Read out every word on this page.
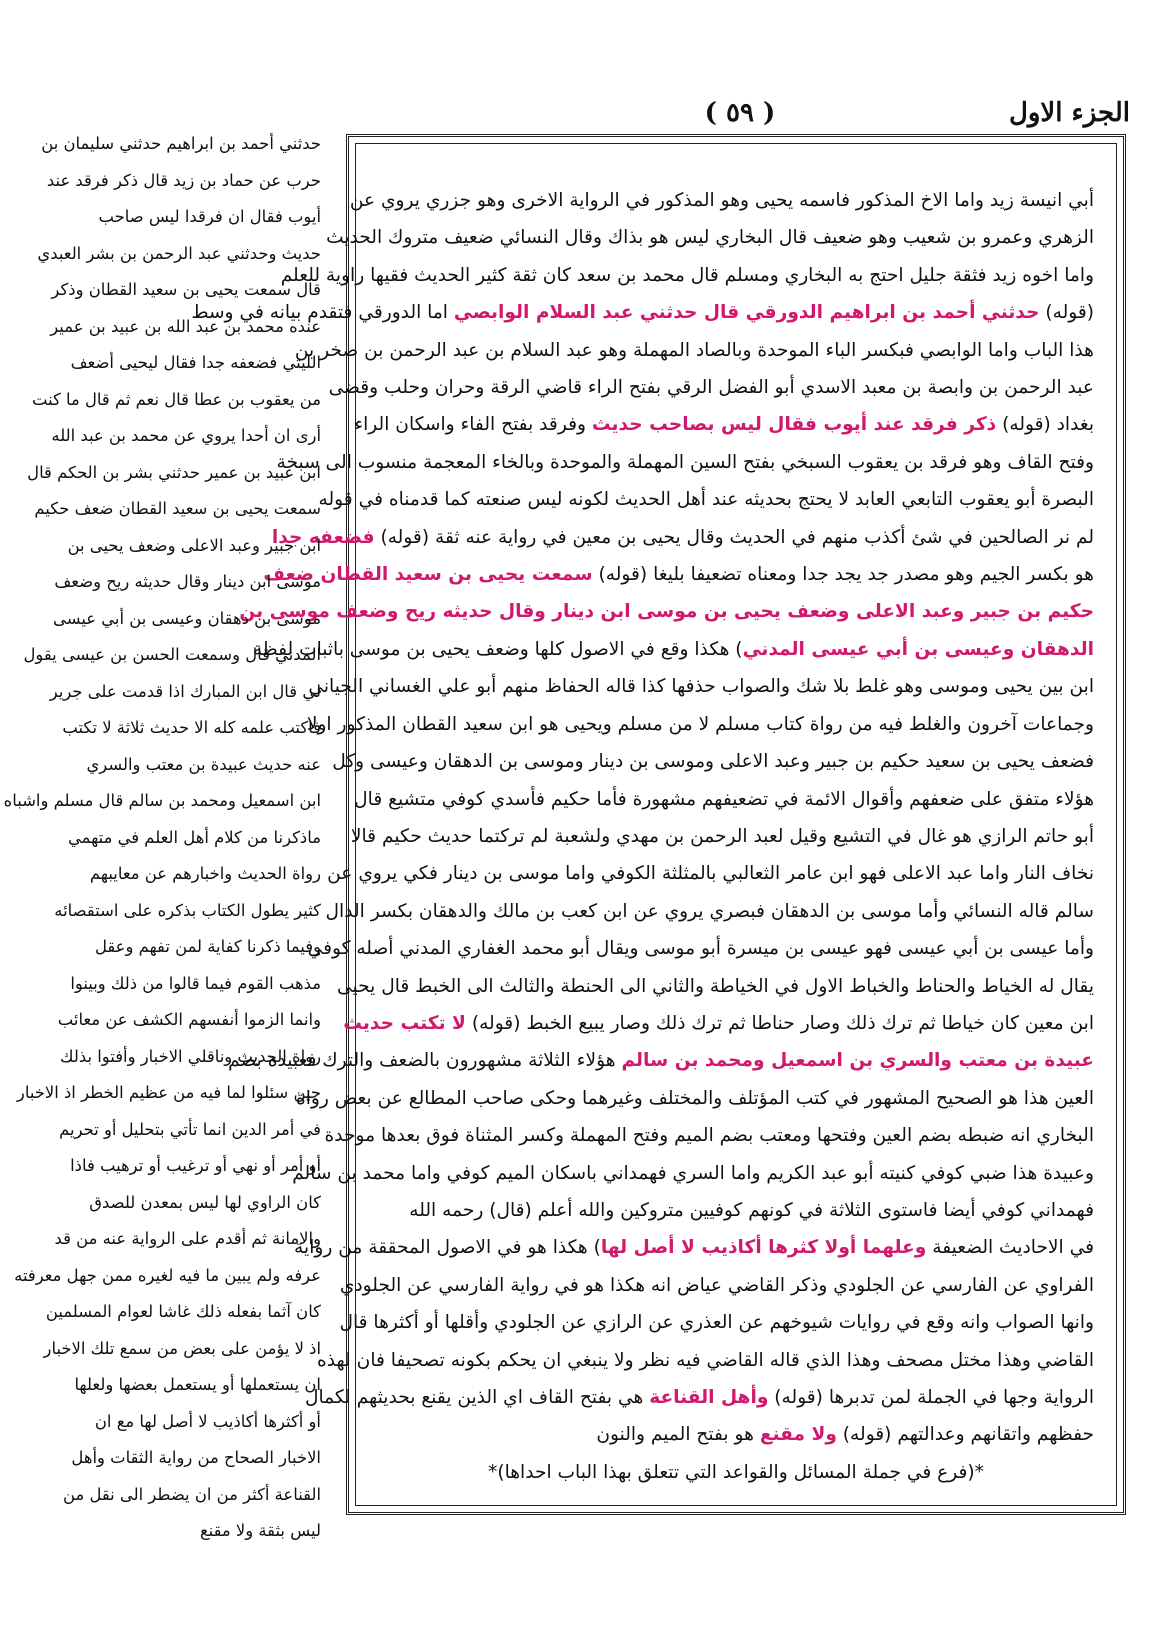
( ٥٩ )	الجزء الاول
أبي انيسة زيد واما الاخ المذكور فاسمه يحيى وهو المذكور في الرواية الاخرى وهو جزري يروي عن
الزهري وعمرو بن شعيب وهو ضعيف قال البخاري ليس هو بذاك وقال النسائي ضعيف متروك الحديث
واما اخوه زيد فثقة جليل احتج به البخاري ومسلم قال محمد بن سعد كان ثقة كثير الحديث فقيها راوية للعلم
(قوله) حدثني أحمد بن ابراهيم الدورقي قال حدثني عبد السلام الوابصي اما الدورقي فتقدم بيانه في وسط
هذا الباب واما الوابصي فبكسر الباء الموحدة وبالصاد المهملة وهو عبد السلام بن عبد الرحمن بن صخر بن
عبد الرحمن بن وابصة بن معبد الاسدي أبو الفضل الرقي بفتح الراء قاضي الرقة وحران وحلب وقضى
بغداد (قوله) ذكر فرقد عند أيوب فقال ليس بصاحب حديث وفرقد بفتح الفاء واسكان الراء
وفتح القاف وهو فرقد بن يعقوب السبخي بفتح السين المهملة والموحدة وبالخاء المعجمة منسوب الى سبخة
البصرة أبو يعقوب التابعي العابد لا يحتج بحديثه عند أهل الحديث لكونه ليس صنعته كما قدمناه في قوله
لم نر الصالحين في شئ أكذب منهم في الحديث وقال يحيى بن معين في رواية عنه ثقة (قوله) فضعفه جدا
هو بكسر الجيم وهو مصدر جد يجد جدا ومعناه تضعيفا بليغا (قوله) سمعت يحيى بن سعيد القطان ضعف
حكيم بن جبير وعبد الاعلى وضعف يحيى بن موسى ابن دينار وقال حديثه ريح وضعف موسى بن
الدهقان وعيسى بن أبي عيسى المدني) هكذا وقع في الاصول كلها وضعف يحيى بن موسى باثبات لفظة
ابن بين يحيى وموسى وهو غلط بلا شك والصواب حذفها كذا قاله الحفاظ منهم أبو علي الغساني الجياني
وجماعات آخرون والغلط فيه من رواة كتاب مسلم لا من مسلم ويحيى هو ابن سعيد القطان المذكور اولا
فضعف يحيى بن سعيد حكيم بن جبير وعبد الاعلى وموسى بن دينار وموسى بن الدهقان وعيسى وكل
هؤلاء متفق على ضعفهم وأقوال الائمة في تضعيفهم مشهورة فأما حكيم فأسدي كوفي متشيع قال
أبو حاتم الرازي هو غال في التشيع وقيل لعبد الرحمن بن مهدي ولشعبة لم تركتما حديث حكيم قالا
نخاف النار واما عبد الاعلى فهو ابن عامر الثعالبي بالمثلثة الكوفي واما موسى بن دينار فكي يروي عن
سالم قاله النسائي وأما موسى بن الدهقان فبصري يروي عن ابن كعب بن مالك والدهقان بكسر الدال
وأما عيسى بن أبي عيسى فهو عيسى بن ميسرة أبو موسى ويقال أبو محمد الغفاري المدني أصله كوفي
يقال له الخياط والحناط والخباط الاول في الخياطة والثاني الى الحنطة والثالث الى الخبط قال يحيى
ابن معين كان خياطا ثم ترك ذلك وصار حناطا ثم ترك ذلك وصار يبيع الخبط (قوله) لا تكتب حديث
عبيدة بن معتب والسري بن اسمعيل ومحمد بن سالم هؤلاء الثلاثة مشهورون بالضعف والترك فعبيدة بضم
العين هذا هو الصحيح المشهور في كتب المؤتلف والمختلف وغيرهما وحكى صاحب المطالع عن بعض رواة
البخاري انه ضبطه بضم العين وفتحها ومعتب بضم الميم وفتح المهملة وكسر المثناة فوق بعدها موحدة
وعبيدة هذا ضبي كوفي كنيته أبو عبد الكريم واما السري فهمداني باسكان الميم كوفي واما محمد بن سالم
فهمداني كوفي أيضا فاستوى الثلاثة في كونهم كوفيين متروكين والله أعلم (قال) رحمه الله
في الاحاديث الضعيفة وعلهما أولا كثرها أكاذيب لا أصل لها) هكذا هو في الاصول المحققة من رواية
الفراوي عن الفارسي عن الجلودي وذكر القاضي عياض انه هكذا هو في رواية الفارسي عن الجلودي
وانها الصواب وانه وقع في روايات شيوخهم عن العذري عن الرازي عن الجلودي وأقلها أو أكثرها قال
القاضي وهذا مختل مصحف وهذا الذي قاله القاضي فيه نظر ولا ينبغي ان يحكم بكونه تصحيفا فان لهذه
الرواية وجها في الجملة لمن تدبرها (قوله) وأهل القناعة هي بفتح القاف اي الذين يقنع بحديثهم لكمال
حفظهم واتقانهم وعدالتهم (قوله) ولا مقنع هو بفتح الميم والنون
*(فرع في جملة المسائل والقواعد التي تتعلق بهذا الباب احداها)*
حدثني أحمد بن ابراهيم حدثني سليمان بن
حرب عن حماد بن زيد قال ذكر فرقد عند
أيوب فقال ان فرقدا ليس صاحب
حديث وحدثني عبد الرحمن بن بشر العبدي
قال سمعت يحيى بن سعيد القطان وذكر
عنده محمد بن عبد الله بن عبيد بن عمير
الليثي فضعفه جدا فقال ليحيى أضعف
من يعقوب بن عطا قال نعم ثم قال ما كنت
أرى ان أحدا يروي عن محمد بن عبد الله
ابن عبيد بن عمير حدثني بشر بن الحكم قال
سمعت يحيى بن سعيد القطان ضعف حكيم
ابن جبير وعبد الاعلى وضعف يحيى بن
موسى ابن دينار وقال حديثه ريح وضعف
موسى بن دهقان وعيسى بن أبي عيسى
المدني قال وسمعت الحسن بن عيسى يقول
لي قال ابن المبارك اذا قدمت على جرير
فاكتب علمه كله الا حديث ثلاثة لا تكتب
عنه حديث عبيدة بن معتب والسري
ابن اسمعيل ومحمد بن سالم قال مسلم واشباه
ماذكرنا من كلام أهل العلم في متهمي
رواة الحديث واخبارهم عن معايبهم
كثير يطول الكتاب بذكره على استقصائه
وفيما ذكرنا كفاية لمن تفهم وعقل
مذهب القوم فيما قالوا من ذلك وبينوا
وانما الزموا أنفسهم الكشف عن معائب
رواة الحديث وناقلي الاخبار وأفتوا بذلك
حين سئلوا لما فيه من عظيم الخطر اذ الاخبار
في أمر الدين انما تأتي بتحليل أو تحريم
أو أمر أو نهي أو ترغيب أو ترهيب فاذا
كان الراوي لها ليس بمعدن للصدق
والامانة ثم أقدم على الرواية عنه من قد
عرفه ولم يبين ما فيه لغيره ممن جهل معرفته
كان آثما بفعله ذلك غاشا لعوام المسلمين
اذ لا يؤمن على بعض من سمع تلك الاخبار
ان يستعملها أو يستعمل بعضها ولعلها
أو أكثرها أكاذيب لا أصل لها مع ان
الاخبار الصحاح من رواية الثقات وأهل
القناعة أكثر من ان يضطر الى نقل من
ليس بثقة ولا مقنع
